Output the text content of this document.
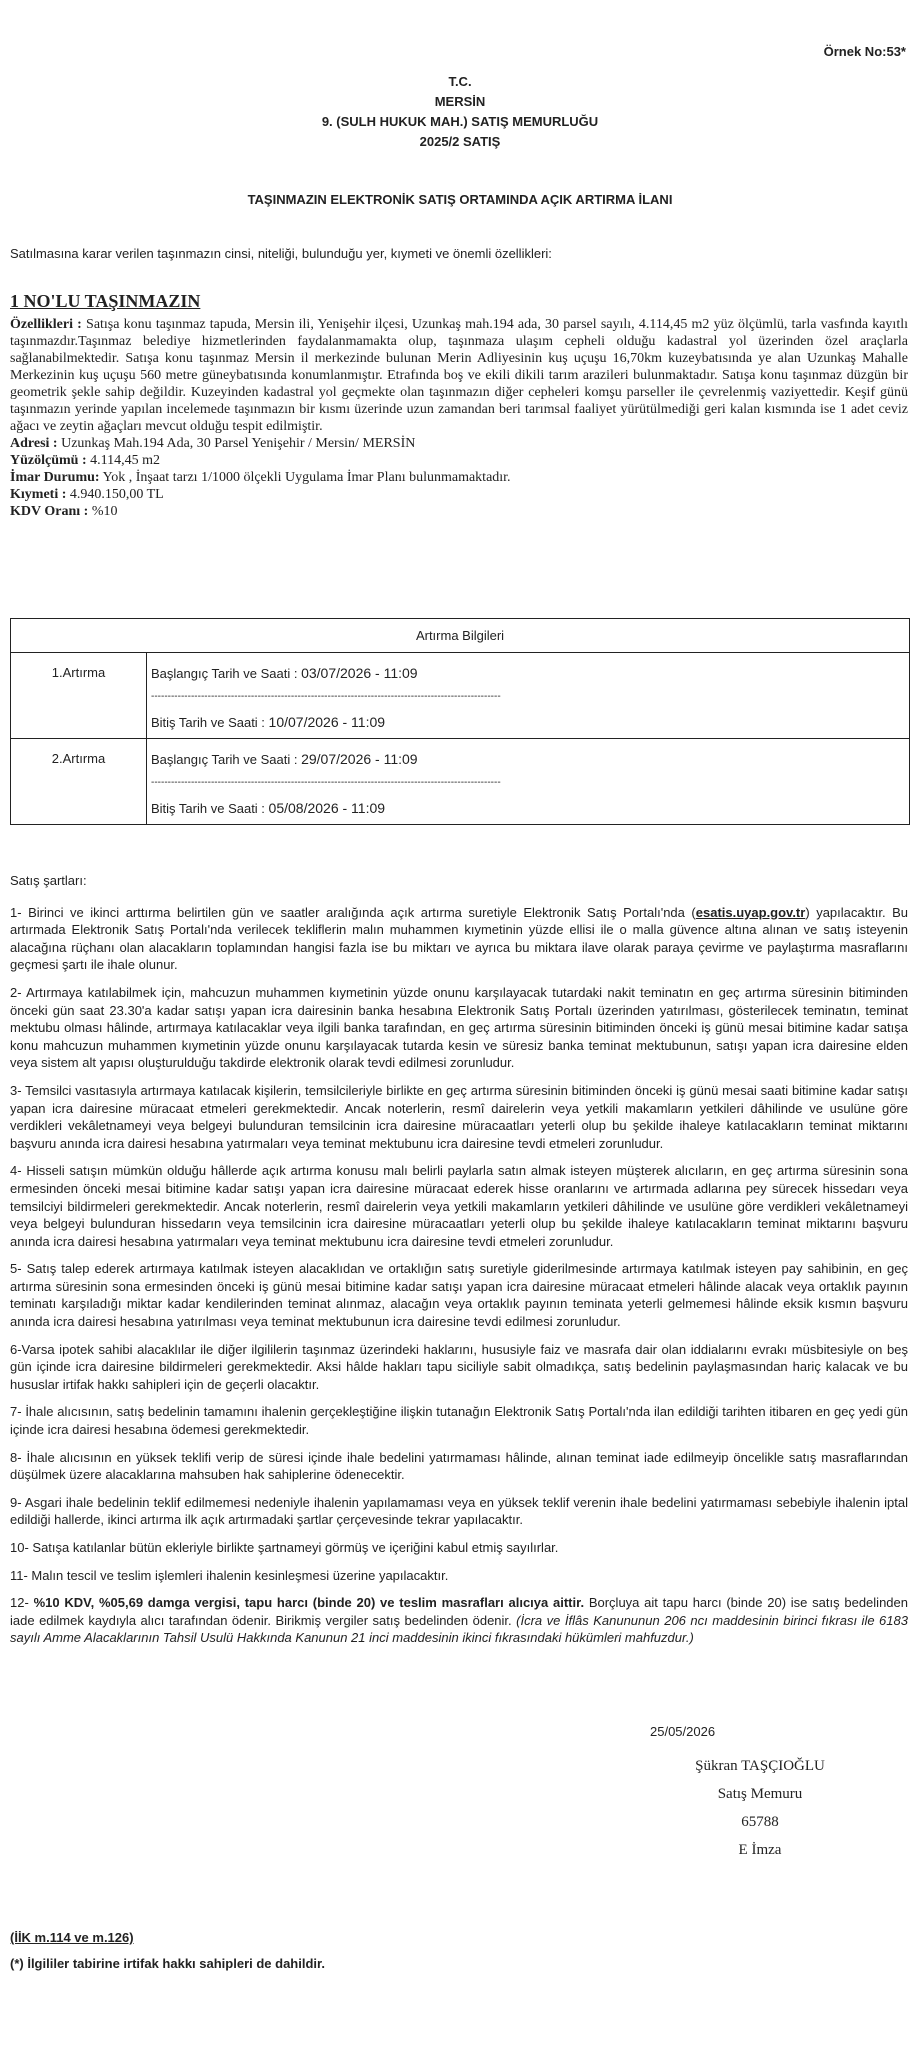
Örnek No:53*
T.C.
MERSİN
9. (SULH HUKUK MAH.) SATIŞ MEMURLUĞU
2025/2 SATIŞ
TAŞINMAZIN ELEKTRONİK SATIŞ ORTAMINDA AÇIK ARTIRMA İLANI
Satılmasına karar verilen taşınmazın cinsi, niteliği, bulunduğu yer, kıymeti ve önemli özellikleri:
1 NO'LU TAŞINMAZIN

Özellikleri : Satışa konu taşınmaz tapuda, Mersin ili, Yenişehir ilçesi, Uzunkaş mah.194 ada, 30 parsel sayılı, 4.114,45 m2 yüz ölçümlü, tarla vasfında kayıtlı taşınmazdır.Taşınmaz belediye hizmetlerinden faydalanmamakta olup, taşınmaza ulaşım cepheli olduğu kadastral yol üzerinden özel araçlarla sağlanabilmektedir. Satışa konu taşınmaz Mersin il merkezinde bulunan Merin Adliyesinin kuş uçuşu 16,70km kuzeybatısında ye alan Uzunkaş Mahalle Merkezinin kuş uçuşu 560 metre güneybatısında konumlanmıştır. Etrafında boş ve ekili dikili tarım arazileri bulunmaktadır. Satışa konu taşınmaz düzgün bir geometrik şekle sahip değildir. Kuzeyinden kadastral yol geçmekte olan taşınmazın diğer cepheleri komşu parseller ile çevrelenmiş vaziyettedir. Keşif günü taşınmazın yerinde yapılan incelemede taşınmazın bir kısmı üzerinde uzun zamandan beri tarımsal faaliyet yürütülmediği geri kalan kısmında ise 1 adet ceviz ağacı ve zeytin ağaçları mevcut olduğu tespit edilmiştir.

Adresi : Uzunkaş Mah.194 Ada, 30 Parsel Yenişehir / Mersin/ MERSİN

Yüzölçümü : 4.114,45 m2

İmar Durumu: Yok , İnşaat tarzı 1/1000 ölçekli Uygulama İmar Planı bulunmamaktadır.

Kıymeti : 4.940.150,00 TL

KDV Oranı : %10

Artırma Bilgileri	
1.Artırma	Başlangıç Tarih ve Saati : 03/07/2026 - 11:09

---------------------------------------------------------------------------------------------------------

Bitiş Tarih ve Saati : 10/07/2026 - 11:09

2.Artırma	Başlangıç Tarih ve Saati : 29/07/2026 - 11:09

---------------------------------------------------------------------------------------------------------

Bitiş Tarih ve Saati : 05/08/2026 - 11:09

Satış şartları:

1- Birinci ve ikinci arttırma belirtilen gün ve saatler aralığında açık artırma suretiyle Elektronik Satış Portalı'nda (esatis.uyap.gov.tr) yapılacaktır. Bu artırmada Elektronik Satış Portalı'nda verilecek tekliflerin malın muhammen kıymetinin yüzde ellisi ile o malla güvence altına alınan ve satış isteyenin alacağına rüçhanı olan alacakların toplamından hangisi fazla ise bu miktarı ve ayrıca bu miktara ilave olarak paraya çevirme ve paylaştırma masraflarını geçmesi şartı ile ihale olunur.

2- Artırmaya katılabilmek için, mahcuzun muhammen kıymetinin yüzde onunu karşılayacak tutardaki nakit teminatın en geç artırma süresinin bitiminden önceki gün saat 23.30'a kadar satışı yapan icra dairesinin banka hesabına Elektronik Satış Portalı üzerinden yatırılması, gösterilecek teminatın, teminat mektubu olması hâlinde, artırmaya katılacaklar veya ilgili banka tarafından, en geç artırma süresinin bitiminden önceki iş günü mesai bitimine kadar satışa konu mahcuzun muhammen kıymetinin yüzde onunu karşılayacak tutarda kesin ve süresiz banka teminat mektubunun, satışı yapan icra dairesine elden veya sistem alt yapısı oluşturulduğu takdirde elektronik olarak tevdi edilmesi zorunludur.

3- Temsilci vasıtasıyla artırmaya katılacak kişilerin, temsilcileriyle birlikte en geç artırma süresinin bitiminden önceki iş günü mesai saati bitimine kadar satışı yapan icra dairesine müracaat etmeleri gerekmektedir. Ancak noterlerin, resmî dairelerin veya yetkili makamların yetkileri dâhilinde ve usulüne göre verdikleri vekâletnameyi veya belgeyi bulunduran temsilcinin icra dairesine müracaatları yeterli olup bu şekilde ihaleye katılacakların teminat miktarını başvuru anında icra dairesi hesabına yatırmaları veya teminat mektubunu icra dairesine tevdi etmeleri zorunludur.

4- Hisseli satışın mümkün olduğu hâllerde açık artırma konusu malı belirli paylarla satın almak isteyen müşterek alıcıların, en geç artırma süresinin sona ermesinden önceki mesai bitimine kadar satışı yapan icra dairesine müracaat ederek hisse oranlarını ve artırmada adlarına pey sürecek hissedarı veya temsilciyi bildirmeleri gerekmektedir. Ancak noterlerin, resmî dairelerin veya yetkili makamların yetkileri dâhilinde ve usulüne göre verdikleri vekâletnameyi veya belgeyi bulunduran hissedarın veya temsilcinin icra dairesine müracaatları yeterli olup bu şekilde ihaleye katılacakların teminat miktarını başvuru anında icra dairesi hesabına yatırmaları veya teminat mektubunu icra dairesine tevdi etmeleri zorunludur.

5- Satış talep ederek artırmaya katılmak isteyen alacaklıdan ve ortaklığın satış suretiyle giderilmesinde artırmaya katılmak isteyen pay sahibinin, en geç artırma süresinin sona ermesinden önceki iş günü mesai bitimine kadar satışı yapan icra dairesine müracaat etmeleri hâlinde alacak veya ortaklık payının teminatı karşıladığı miktar kadar kendilerinden teminat alınmaz, alacağın veya ortaklık payının teminata yeterli gelmemesi hâlinde eksik kısmın başvuru anında icra dairesi hesabına yatırılması veya teminat mektubunun icra dairesine tevdi edilmesi zorunludur.

6-Varsa ipotek sahibi alacaklılar ile diğer ilgililerin taşınmaz üzerindeki haklarını, hususiyle faiz ve masrafa dair olan iddialarını evrakı müsbitesiyle on beş gün içinde icra dairesine bildirmeleri gerekmektedir. Aksi hâlde hakları tapu siciliyle sabit olmadıkça, satış bedelinin paylaşmasından hariç kalacak ve bu hususlar irtifak hakkı sahipleri için de geçerli olacaktır.

7- İhale alıcısının, satış bedelinin tamamını ihalenin gerçekleştiğine ilişkin tutanağın Elektronik Satış Portalı'nda ilan edildiği tarihten itibaren en geç yedi gün içinde icra dairesi hesabına ödemesi gerekmektedir.

8- İhale alıcısının en yüksek teklifi verip de süresi içinde ihale bedelini yatırmaması hâlinde, alınan teminat iade edilmeyip öncelikle satış masraflarından düşülmek üzere alacaklarına mahsuben hak sahiplerine ödenecektir.

9- Asgari ihale bedelinin teklif edilmemesi nedeniyle ihalenin yapılamaması veya en yüksek teklif verenin ihale bedelini yatırmaması sebebiyle ihalenin iptal edildiği hallerde, ikinci artırma ilk açık artırmadaki şartlar çerçevesinde tekrar yapılacaktır.

10- Satışa katılanlar bütün ekleriyle birlikte şartnameyi görmüş ve içeriğini kabul etmiş sayılırlar.

11- Malın tescil ve teslim işlemleri ihalenin kesinleşmesi üzerine yapılacaktır.

12- %10 KDV, %05,69 damga vergisi, tapu harcı (binde 20) ve teslim masrafları alıcıya aittir. Borçluya ait tapu harcı (binde 20) ise satış bedelinden iade edilmek kaydıyla alıcı tarafından ödenir. Birikmiş vergiler satış bedelinden ödenir. (İcra ve İflâs Kanununun 206 ncı maddesinin birinci fıkrası ile 6183 sayılı Amme Alacaklarının Tahsil Usulü Hakkında Kanunun 21 inci maddesinin ikinci fıkrasındaki hükümleri mahfuzdur.)

25/05/2026
Şükran TAŞÇIOĞLU
Satış Memuru
65788
E İmza
(İİK m.114 ve m.126)
(*) İlgililer tabirine irtifak hakkı sahipleri de dahildir.
